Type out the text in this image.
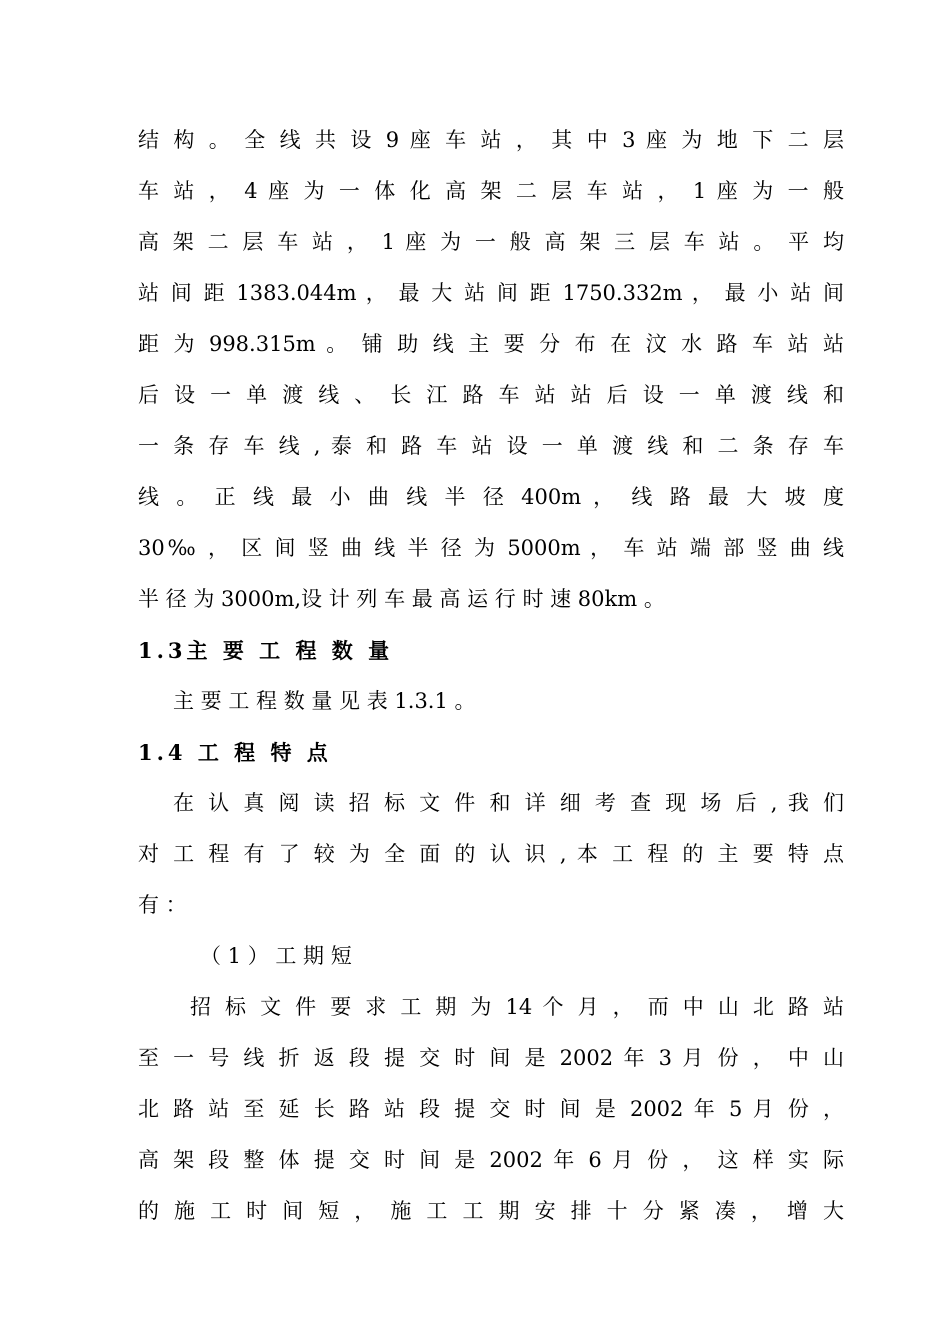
结 构 。 全 线 共 设 9 座 车 站 ， 其 中 3 座 为 地 下 二 层
车 站 ， 4 座 为 一 体 化 高 架 二 层 车 站 ， 1 座 为 一 般
高 架 二 层 车 站 ， 1 座 为 一 般 高 架 三 层 车 站 。 平 均
站 间 距 1383.044m ， 最 大 站 间 距 1750.332m ， 最 小 站 间
距 为 998.315m 。 铺 助 线 主 要 分 布 在 汶 水 路 车 站 站
后 设 一 单 渡 线 、 长 江 路 车 站 站 后 设 一 单 渡 线 和
一 条 存 车 线 , 泰 和 路 车 站 设 一 单 渡 线 和 二 条 存 车
线 。 正 线 最 小 曲 线 半 径 400m ， 线 路 最 大 坡 度
30‰ ， 区 间 竖 曲 线 半 径 为 5000m ， 车 站 端 部 竖 曲 线
半 径 为 3000m,设 计 列 车 最 高 运 行 时 速 80km 。
1.3主 要 工 程 数 量
主 要 工 程 数 量 见 表 1.3.1 。
1.4 工 程 特 点
在 认 真 阅 读 招 标 文 件 和 详 细 考 查 现 场 后 , 我 们
对 工 程 有 了 较 为 全 面 的 认 识 , 本 工 程 的 主 要 特 点
有 ：
（ 1 ） 工 期 短
招 标 文 件 要 求 工 期 为 14 个 月 ， 而 中 山 北 路 站
至 一 号 线 折 返 段 提 交 时 间 是 2002 年 3 月 份 ， 中 山
北 路 站 至 延 长 路 站 段 提 交 时 间 是 2002 年 5 月 份 ，
高 架 段 整 体 提 交 时 间 是 2002 年 6 月 份 ， 这 样 实 际
的 施 工 时 间 短 ， 施 工 工 期 安 排 十 分 紧 凑 ， 增 大
